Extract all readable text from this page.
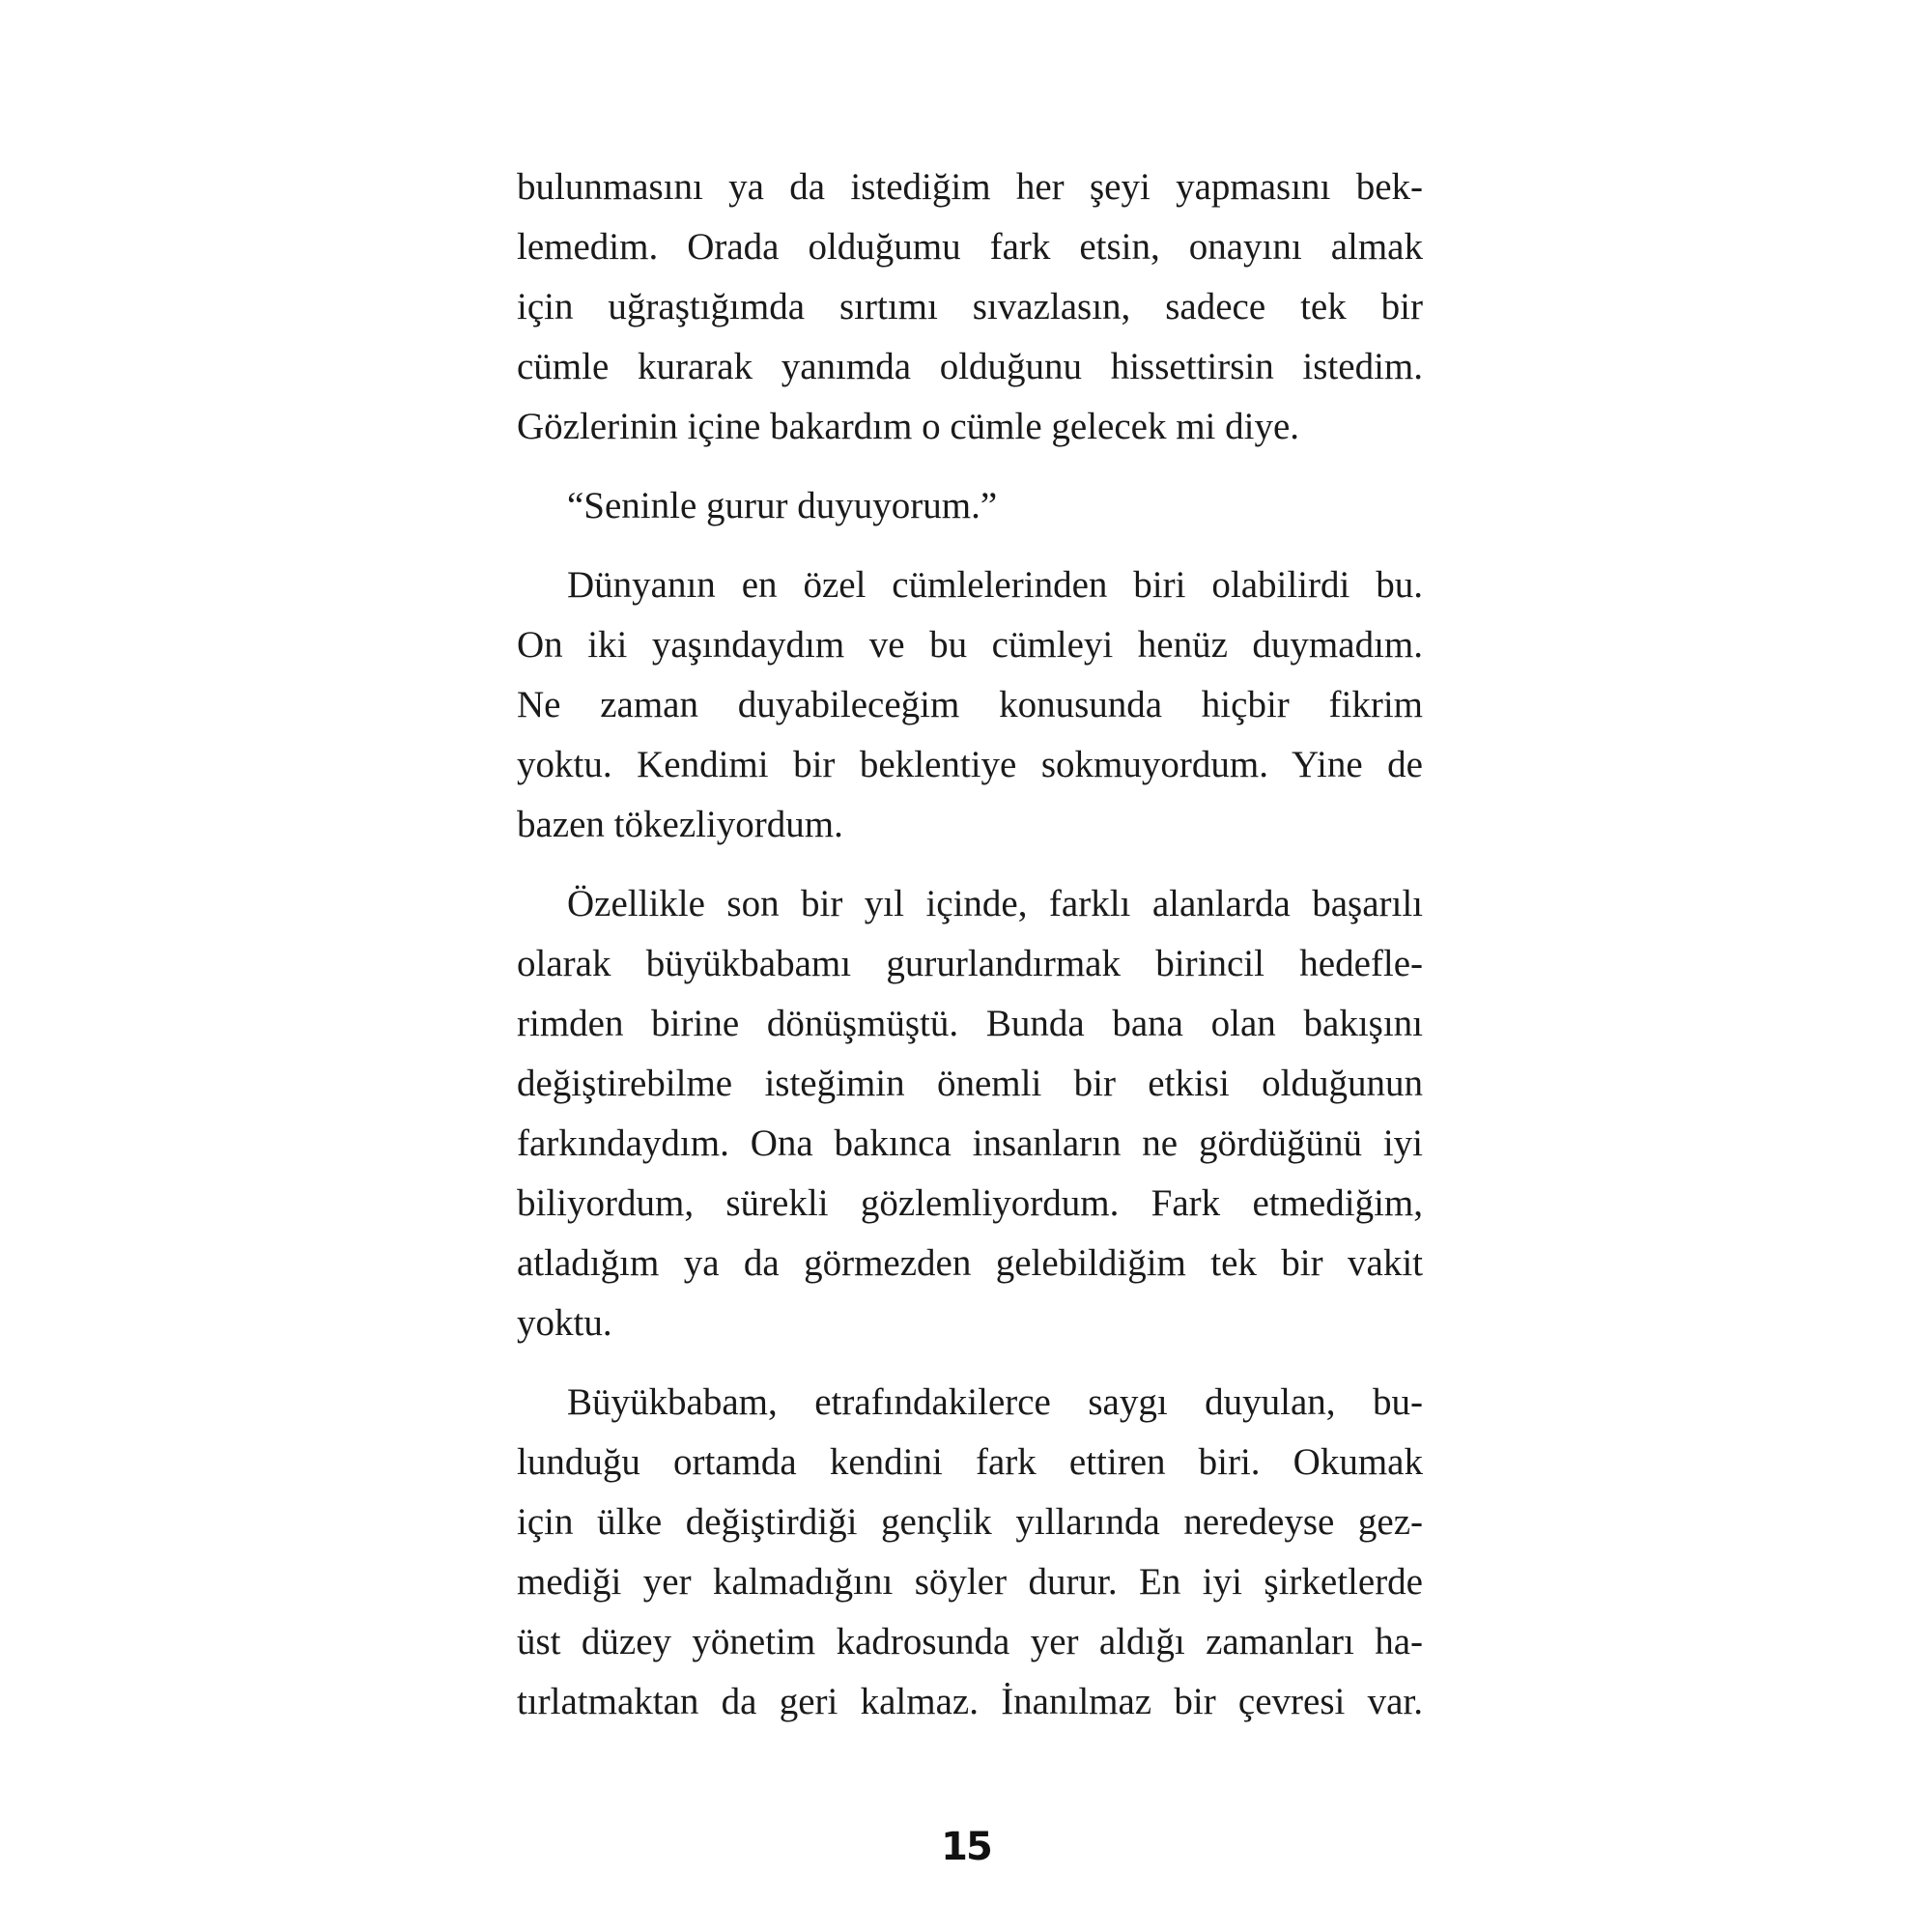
bulunmasını ya da istediğim her şeyi yapmasını bek-
lemedim. Orada olduğumu fark etsin, onayını almak
için uğraştığımda sırtımı sıvazlasın, sadece tek bir
cümle kurarak yanımda olduğunu hissettirsin istedim.
Gözlerinin içine bakardım o cümle gelecek mi diye.
“Seninle gurur duyuyorum.”
Dünyanın en özel cümlelerinden biri olabilirdi bu.
On iki yaşındaydım ve bu cümleyi henüz duymadım.
Ne zaman duyabileceğim konusunda hiçbir fikrim
yoktu. Kendimi bir beklentiye sokmuyordum. Yine de
bazen tökezliyordum.
Özellikle son bir yıl içinde, farklı alanlarda başarılı
olarak büyükbabamı gururlandırmak birincil hedefle-
rimden birine dönüşmüştü. Bunda bana olan bakışını
değiştirebilme isteğimin önemli bir etkisi olduğunun
farkındaydım. Ona bakınca insanların ne gördüğünü iyi
biliyordum, sürekli gözlemliyordum. Fark etmediğim,
atladığım ya da görmezden gelebildiğim tek bir vakit
yoktu.
Büyükbabam, etrafındakilerce saygı duyulan, bu-
lunduğu ortamda kendini fark ettiren biri. Okumak
için ülke değiştirdiği gençlik yıllarında neredeyse gez-
mediği yer kalmadığını söyler durur. En iyi şirketlerde
üst düzey yönetim kadrosunda yer aldığı zamanları ha-
tırlatmaktan da geri kalmaz. İnanılmaz bir çevresi var.
15
